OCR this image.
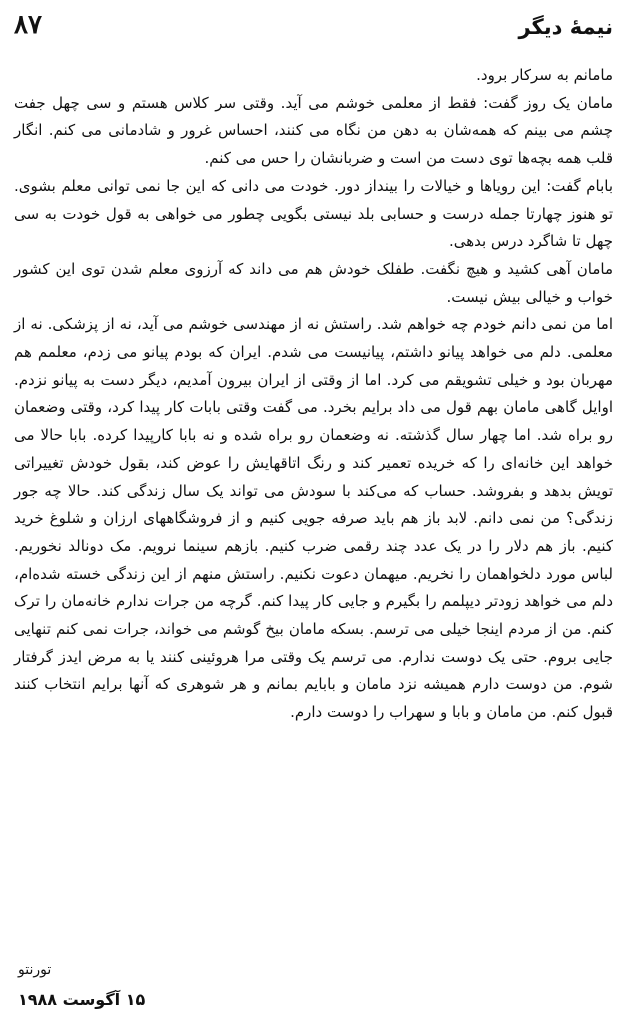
نیمهٔ دیگر
۸۷

مامانم به سرکار برود.

مامان یک روز گفت: فقط از معلمی خوشم می آید. وقتی سر کلاس هستم و سی چهل جفت چشم می بینم که همه‌شان به دهن من نگاه می کنند، احساس غرور و شادمانی می کنم. انگار قلب همه بچه‌ها توی دست من است و ضربانشان را حس می کنم.

بابام گفت: این رویاها و خیالات را بینداز دور. خودت می دانی که این جا نمی توانی معلم بشوی. تو هنوز چهارتا جمله درست و حسابی بلد نیستی بگویی چطور می خواهی به قول خودت به سی چهل تا شاگرد درس بدهی.

مامان آهی کشید و هیچ نگفت. طفلک خودش هم می داند که آرزوی معلم شدن توی این کشور خواب و خیالی بیش نیست.

اما من نمی دانم خودم چه خواهم شد. راستش نه از مهندسی خوشم می آید، نه از پزشکی. نه از معلمی. دلم می خواهد پیانو داشتم، پیانیست می شدم. ایران که بودم پیانو می زدم، معلمم هم مهربان بود و خیلی تشویقم می کرد. اما از وقتی از ایران بیرون آمدیم، دیگر دست به پیانو نزدم. اوایل گاهی مامان بهم قول می داد برایم بخرد. می گفت وقتی بابات کار پیدا کرد، وقتی وضعمان رو براه شد. اما چهار سال گذشته. نه وضعمان رو براه شده و نه بابا کارپیدا کرده. بابا حالا می خواهد این خانه‌ای را که خریده تعمیر کند و رنگ اتاقهایش را عوض کند، بقول خودش تغییراتی تویش بدهد و بفروشد. حساب که می‌کند با سودش می تواند یک سال زندگی کند. حالا چه جور زندگی؟ من نمی دانم. لابد باز هم باید صرفه جویی کنیم و از فروشگاههای ارزان و شلوغ خرید کنیم. باز هم دلار را در یک عدد چند رقمی ضرب کنیم. بازهم سینما نرویم. مک دونالد نخوریم. لباس مورد دلخواهمان را نخریم. میهمان دعوت نکنیم. راستش منهم از این زندگی خسته شده‌ام، دلم می خواهد زودتر دیپلمم را بگیرم و جایی کار پیدا کنم. گرچه من جرات ندارم خانه‌مان را ترک کنم. من از مردم اینجا خیلی می ترسم. بسکه مامان بیخ گوشم می خواند، جرات نمی کنم تنهایی جایی بروم. حتی یک دوست ندارم. می ترسم یک وقتی مرا هروئینی کنند یا به مرض ایدز گرفتار شوم. من دوست دارم همیشه نزد مامان و بابایم بمانم و هر شوهری که آنها برایم انتخاب کنند قبول کنم. من مامان و بابا و سهراب را دوست دارم.

تورنتو
۱۵ آگوست ۱۹۸۸
